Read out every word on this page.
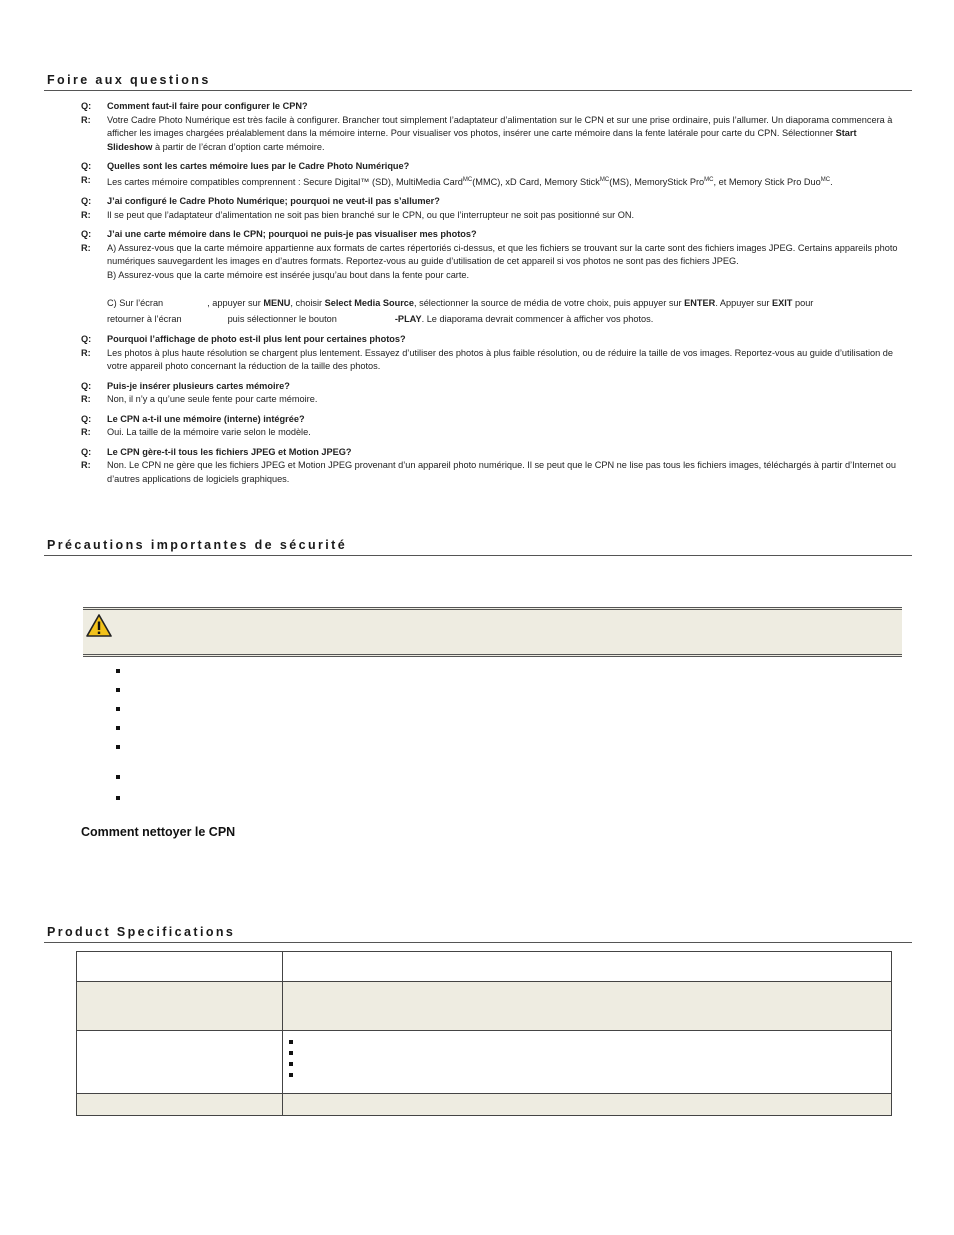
Foire aux questions
Q:	Comment faut-il faire pour configurer le CPN?
R:	Votre Cadre Photo Numérique est très facile à configurer. Brancher tout simplement l’adaptateur d’alimentation sur le CPN et sur une prise ordinaire, puis l’allumer. Un diaporama commencera à afficher les images chargées préalablement dans la mémoire interne. Pour visualiser vos photos, insérer une carte mémoire dans la fente latérale pour carte du CPN. Sélectionner Start Slideshow à partir de l’écran d’option carte mémoire.
Q:	Quelles sont les cartes mémoire lues par le Cadre Photo Numérique?
R:	Les cartes mémoire compatibles comprennent : Secure Digital™ (SD), MultiMedia Card$^{MC}$(MMC), xD Card, Memory Stick$^{MC}$(MS), MemoryStick Pro$^{MC}$, et Memory Stick Pro Duo$^{MC}$.
Q:	J’ai configuré le Cadre Photo Numérique; pourquoi ne veut-il pas s’allumer?
R:	Il se peut que l’adaptateur d’alimentation ne soit pas bien branché sur le CPN, ou que l’interrupteur ne soit pas positionné sur ON.
Q:	J’ai une carte mémoire dans le CPN; pourquoi ne puis-je pas visualiser mes photos?
R:	A) Assurez-vous que la carte mémoire appartienne aux formats de cartes répertoriés ci-dessus, et que les fichiers se trouvant sur la carte sont des fichiers images JPEG. Certains appareils photo numériques sauvegardent les images en d’autres formats. Reportez-vous au guide d’utilisation de cet appareil si vos photos ne sont pas des fichiers JPEG.
B) Assurez-vous que la carte mémoire est insérée jusqu’au bout dans la fente pour carte.
C) Sur l’écran	, appuyer sur MENU, choisir Select Media Source, sélectionner la source de média de votre choix, puis appuyer sur ENTER. Appuyer sur EXIT pour
retourner à l’écran	puis sélectionner le bouton	-PLAY. Le diaporama devrait commencer à afficher vos photos.
Q:	Pourquoi l’affichage de photo est-il plus lent pour certaines photos?
R:	Les photos à plus haute résolution se chargent plus lentement. Essayez d’utiliser des photos à plus faible résolution, ou de réduire la taille de vos images. Reportez-vous au guide d’utilisation de votre appareil photo concernant la réduction de la taille des photos.
Q:	Puis-je insérer plusieurs cartes mémoire?
R:	Non, il n’y a qu’une seule fente pour carte mémoire.
Q:	Le CPN a-t-il une mémoire (interne) intégrée?
R:	Oui. La taille de la mémoire varie selon le modèle.
Q:	Le CPN gère-t-il tous les fichiers JPEG et Motion JPEG?
R:	Non. Le CPN ne gère que les fichiers JPEG et Motion JPEG provenant d’un appareil photo numérique. Il se peut que le CPN ne lise pas tous les fichiers images, téléchargés à partir d’Internet ou d’autres applications de logiciels graphiques.
Précautions importantes de sécurité
Comment nettoyer le CPN
Product Specifications
